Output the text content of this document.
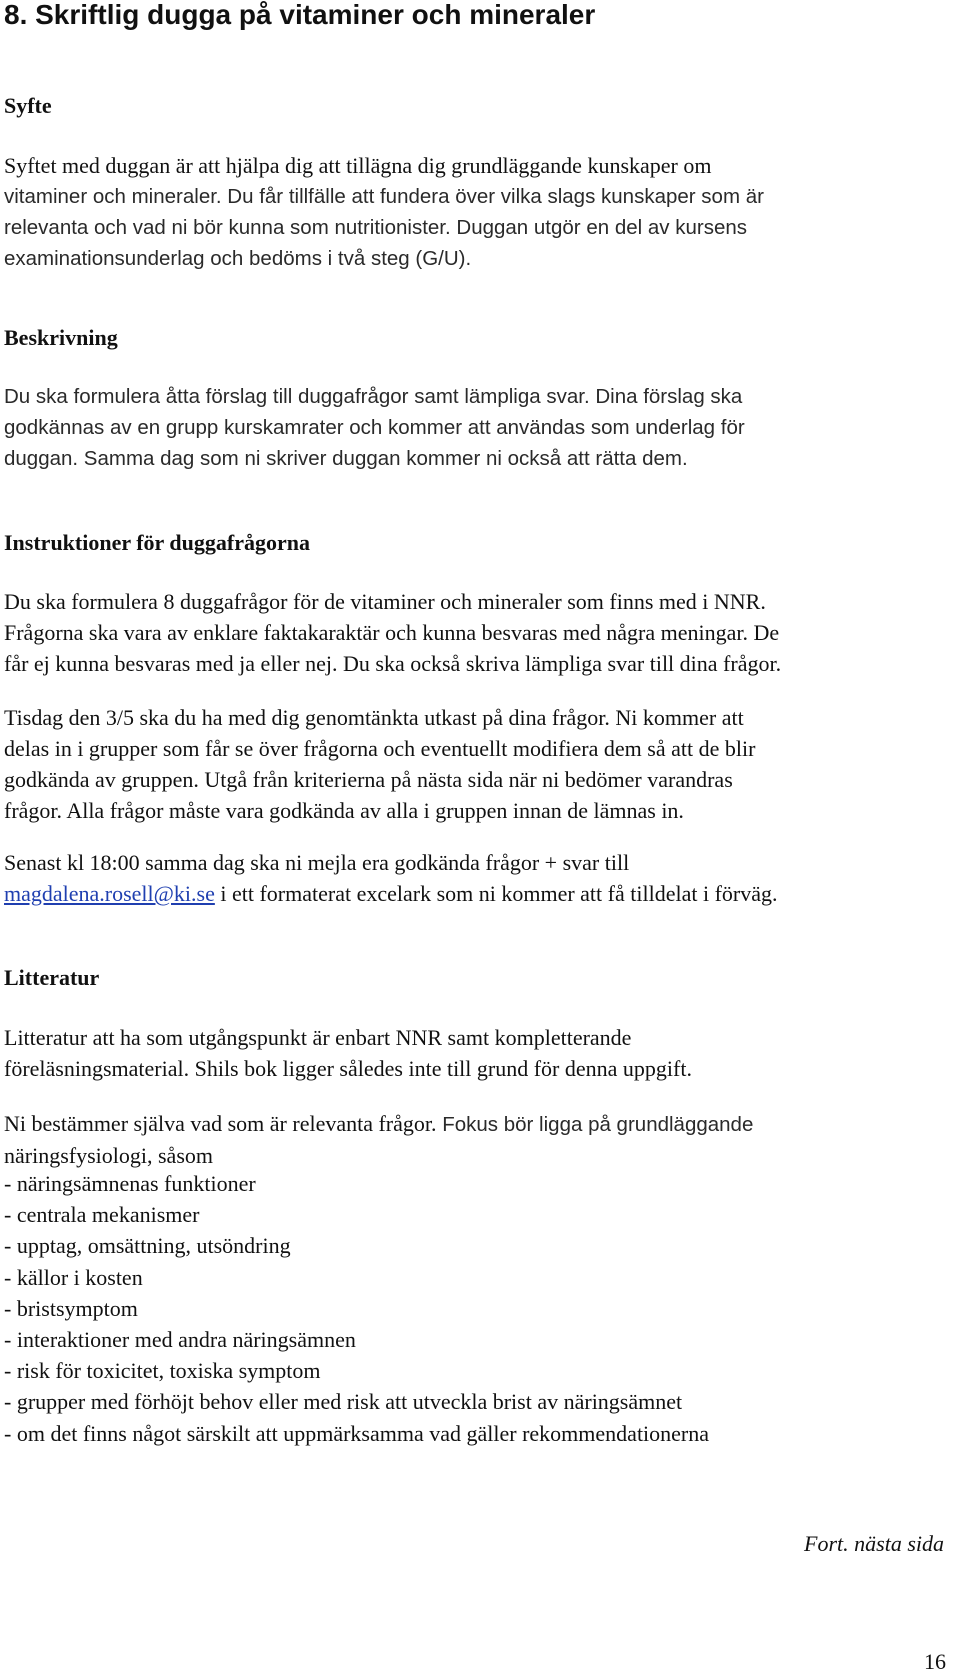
8. Skriftlig dugga på vitaminer och mineraler
Syfte

Syftet med duggan är att hjälpa dig att tillägna dig grundläggande kunskaper om
vitaminer och mineraler. Du får tillfälle att fundera över vilka slags kunskaper som är
relevanta och vad ni bör kunna som nutritionister. Duggan utgör en del av kursens
examinationsunderlag och bedöms i två steg (G/U).

Beskrivning

Du ska formulera åtta förslag till duggafrågor samt lämpliga svar. Dina förslag ska
godkännas av en grupp kurskamrater och kommer att användas som underlag för
duggan. Samma dag som ni skriver duggan kommer ni också att rätta dem.

Instruktioner för duggafrågorna

Du ska formulera 8 duggafrågor för de vitaminer och mineraler som finns med i NNR.
Frågorna ska vara av enklare faktakaraktär och kunna besvaras med några meningar. De
får ej kunna besvaras med ja eller nej. Du ska också skriva lämpliga svar till dina frågor.

Tisdag den 3/5 ska du ha med dig genomtänkta utkast på dina frågor. Ni kommer att
delas in i grupper som får se över frågorna och eventuellt modifiera dem så att de blir
godkända av gruppen. Utgå från kriterierna på nästa sida när ni bedömer varandras
frågor. Alla frågor måste vara godkända av alla i gruppen innan de lämnas in.

Senast kl 18:00 samma dag ska ni mejla era godkända frågor + svar till
magdalena.rosell@ki.se i ett formaterat excelark som ni kommer att få tilldelat i förväg.

Litteratur

Litteratur att ha som utgångspunkt är enbart NNR samt kompletterande
föreläsningsmaterial. Shils bok ligger således inte till grund för denna uppgift.

Ni bestämmer själva vad som är relevanta frågor. Fokus bör ligga på grundläggande
näringsfysiologi, såsom

- näringsämnenas funktioner
- centrala mekanismer
- upptag, omsättning, utsöndring
- källor i kosten
- bristsymptom
- interaktioner med andra näringsämnen
- risk för toxicitet, toxiska symptom
- grupper med förhöjt behov eller med risk att utveckla brist av näringsämnet
- om det finns något särskilt att uppmärksamma vad gäller rekommendationerna

Fort. nästa sida

16
